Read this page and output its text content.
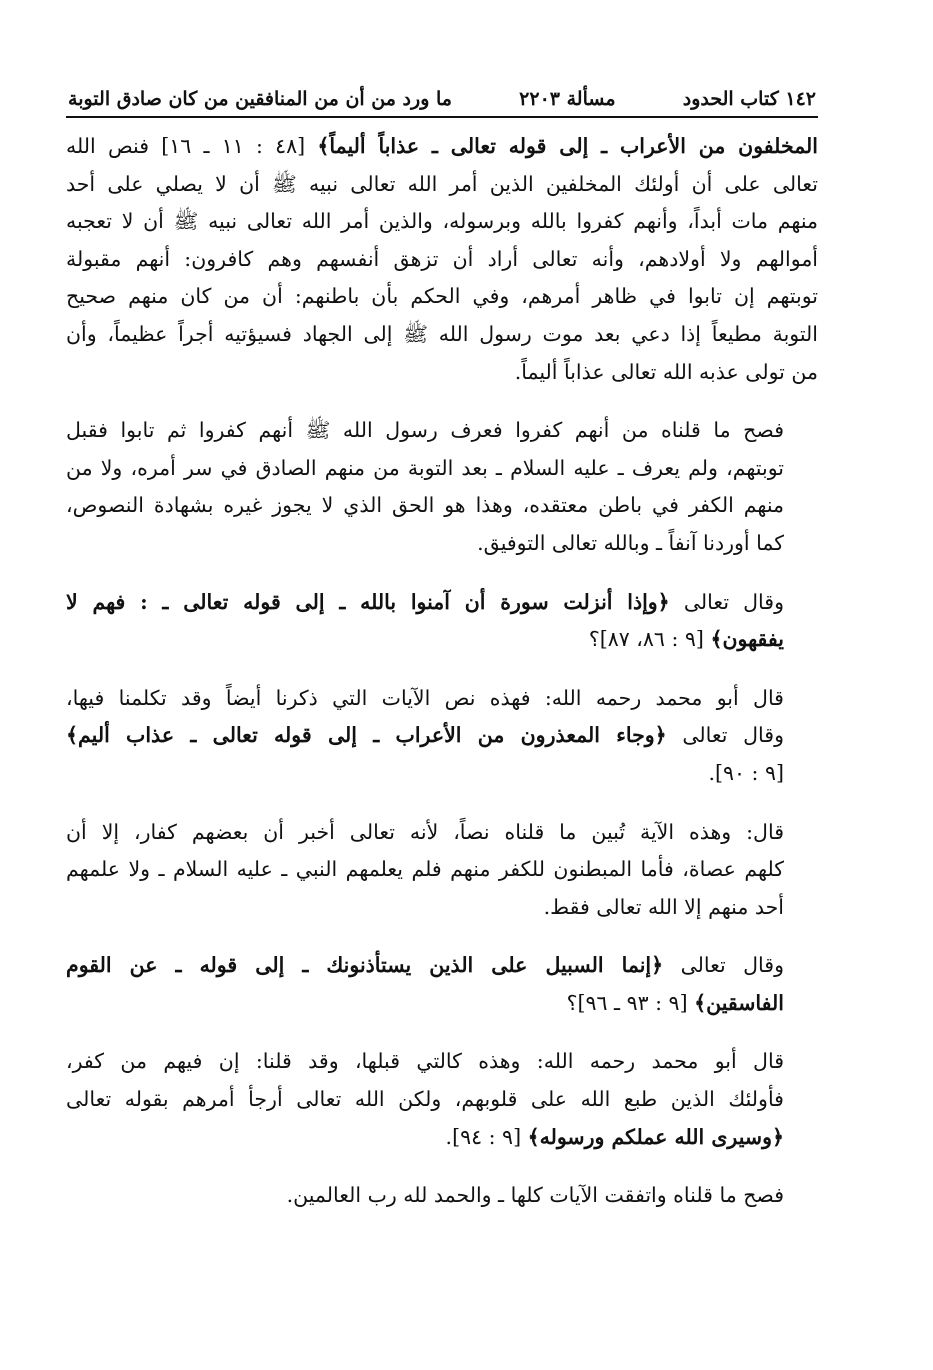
١٤٢ كتاب الحدود
مسألة ٢٢٠٣
ما ورد من أن من المنافقين من كان صادق التوبة
المخلفون من الأعراب ـ إلى قوله تعالى ـ عذاباً أليماً﴾ [٤٨ : ١١ ـ ١٦] فنص الله
تعالى على أن أولئك المخلفين الذين أمر الله تعالى نبيه ﷺ أن لا يصلي على أحد
منهم مات أبداً، وأنهم كفروا بالله وبرسوله، والذين أمر الله تعالى نبيه ﷺ أن لا تعجبه
أموالهم ولا أولادهم، وأنه تعالى أراد أن تزهق أنفسهم وهم كافرون: أنهم مقبولة
توبتهم إن تابوا في ظاهر أمرهم، وفي الحكم بأن باطنهم: أن من كان منهم صحيح
التوبة مطيعاً إذا دعي بعد موت رسول الله ﷺ إلى الجهاد فسيؤتيه أجراً عظيماً، وأن
من تولى عذبه الله تعالى عذاباً أليماً.
فصح ما قلناه من أنهم كفروا فعرف رسول الله ﷺ أنهم كفروا ثم تابوا فقبل
توبتهم، ولم يعرف ـ عليه السلام ـ بعد التوبة من منهم الصادق في سر أمره، ولا من
منهم الكفر في باطن معتقده، وهذا هو الحق الذي لا يجوز غيره بشهادة النصوص،
كما أوردنا آنفاً ـ وبالله تعالى التوفيق.
وقال تعالى ﴿وإذا أنزلت سورة أن آمنوا بالله ـ إلى قوله تعالى ـ : فهم لا
يفقهون﴾ [٩ : ٨٦، ٨٧]؟
قال أبو محمد رحمه الله: فهذه نص الآيات التي ذكرنا أيضاً وقد تكلمنا فيها،
وقال تعالى ﴿وجاء المعذرون من الأعراب ـ إلى قوله تعالى ـ عذاب أليم﴾
[٩ : ٩٠].
قال: وهذه الآية تُبين ما قلناه نصاً، لأنه تعالى أخبر أن بعضهم كفار، إلا أن
كلهم عصاة، فأما المبطنون للكفر منهم فلم يعلمهم النبي ـ عليه السلام ـ ولا علمهم
أحد منهم إلا الله تعالى فقط.
وقال تعالى ﴿إنما السبيل على الذين يستأذنونك ـ إلى قوله ـ عن القوم
الفاسقين﴾ [٩ : ٩٣ ـ ٩٦]؟
قال أبو محمد رحمه الله: وهذه كالتي قبلها، وقد قلنا: إن فيهم من كفر،
فأولئك الذين طبع الله على قلوبهم، ولكن الله تعالى أرجأ أمرهم بقوله تعالى
﴿وسيرى الله عملكم ورسوله﴾ [٩ : ٩٤].
فصح ما قلناه واتفقت الآيات كلها ـ والحمد لله رب العالمين.
